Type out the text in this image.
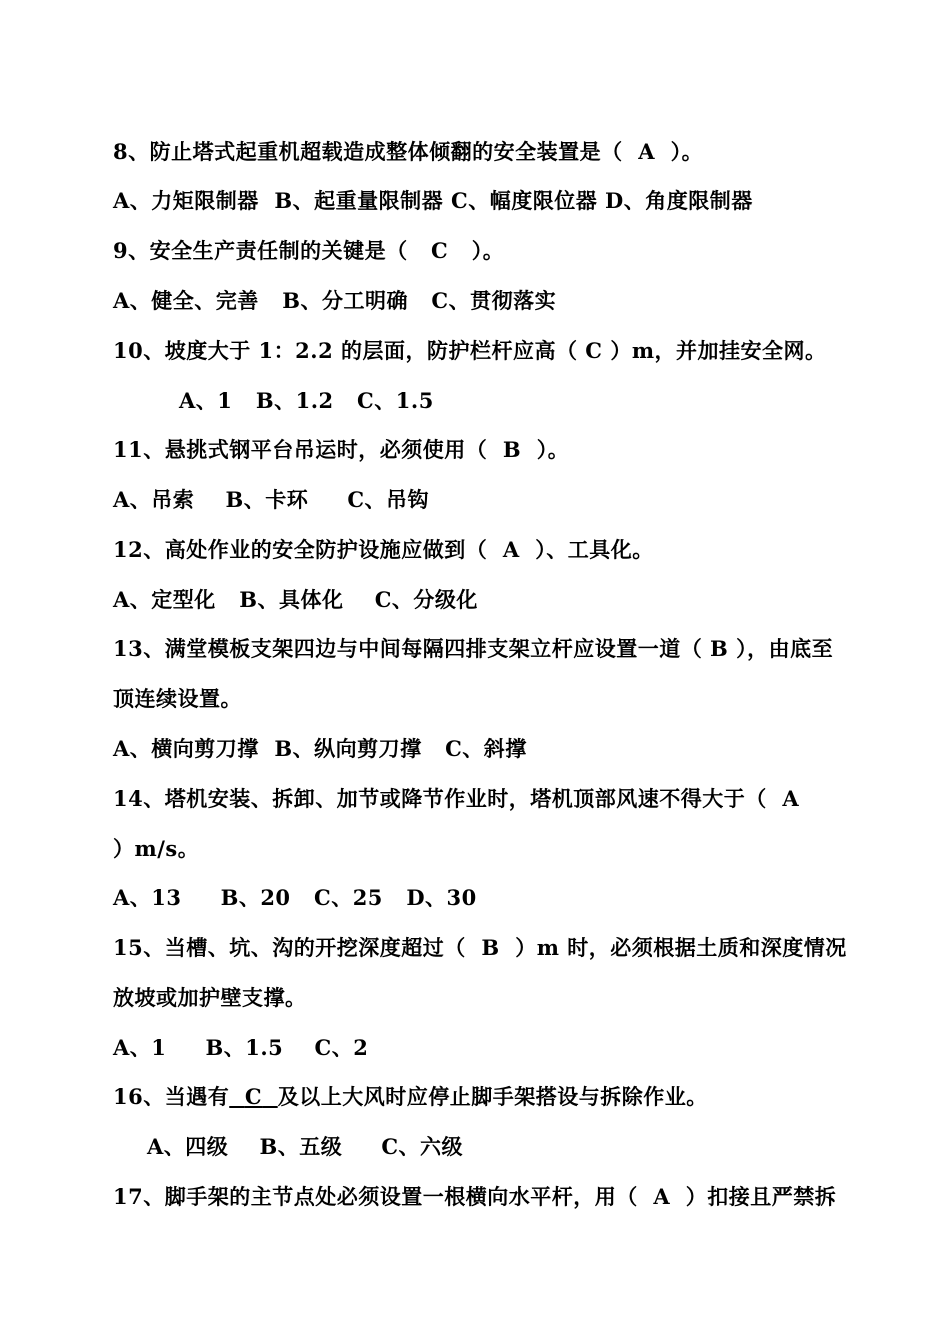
8、防止塔式起重机超载造成整体倾翻的安全装置是（  A  ）。
A、力矩限制器  B、起重量限制器 C、幅度限位器 D、角度限制器
9、安全生产责任制的关键是（   C   ）。
A、健全、完善   B、分工明确   C、贯彻落实
10、坡度大于 1：2.2 的层面，防护栏杆应高（ C ）m，并加挂安全网。
A、1   B、1.2   C、1.5
11、悬挑式钢平台吊运时，必须使用（  B  ）。
A、吊索    B、卡环     C、吊钩
12、高处作业的安全防护设施应做到（  A  ）、工具化。
A、定型化   B、具体化    C、分级化
13、满堂模板支架四边与中间每隔四排支架立杆应设置一道（ B ），由底至
顶连续设置。
A、横向剪刀撑  B、纵向剪刀撑   C、斜撑
14、塔机安装、拆卸、加节或降节作业时，塔机顶部风速不得大于（  A
）m/s。
A、13     B、20   C、25   D、30
15、当槽、坑、沟的开挖深度超过（  B  ）m 时，必须根据土质和深度情况
放坡或加护壁支撑。
A、1     B、1.5    C、2
16、当遇有 C 及以上大风时应停止脚手架搭设与拆除作业。
A、四级    B、五级     C、六级
17、脚手架的主节点处必须设置一根横向水平杆，用（  A  ）扣接且严禁拆
